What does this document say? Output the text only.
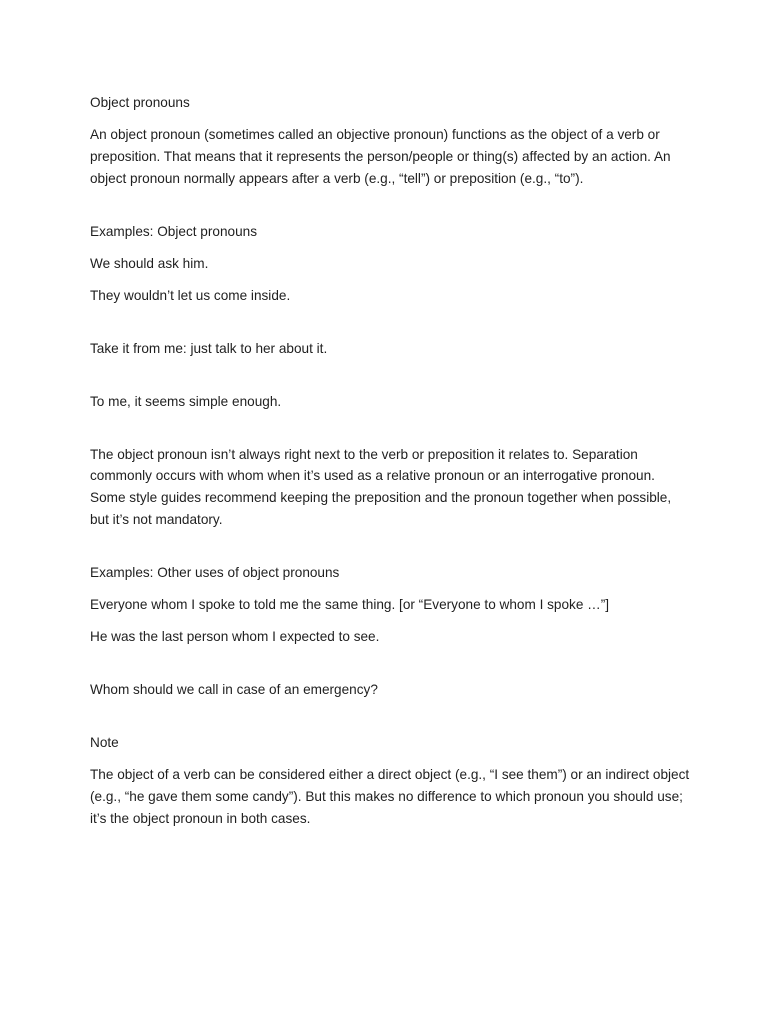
Object pronouns

An object pronoun (sometimes called an objective pronoun) functions as the object of a verb or preposition. That means that it represents the person/people or thing(s) affected by an action. An object pronoun normally appears after a verb (e.g., “tell”) or preposition (e.g., “to”).

Examples: Object pronouns

We should ask him.

They wouldn’t let us come inside.

Take it from me: just talk to her about it.

To me, it seems simple enough.

The object pronoun isn’t always right next to the verb or preposition it relates to. Separation commonly occurs with whom when it’s used as a relative pronoun or an interrogative pronoun. Some style guides recommend keeping the preposition and the pronoun together when possible, but it’s not mandatory.

Examples: Other uses of object pronouns

Everyone whom I spoke to told me the same thing. [or “Everyone to whom I spoke …”]

He was the last person whom I expected to see.

Whom should we call in case of an emergency?

Note

The object of a verb can be considered either a direct object (e.g., “I see them”) or an indirect object (e.g., “he gave them some candy”). But this makes no difference to which pronoun you should use; it’s the object pronoun in both cases.
